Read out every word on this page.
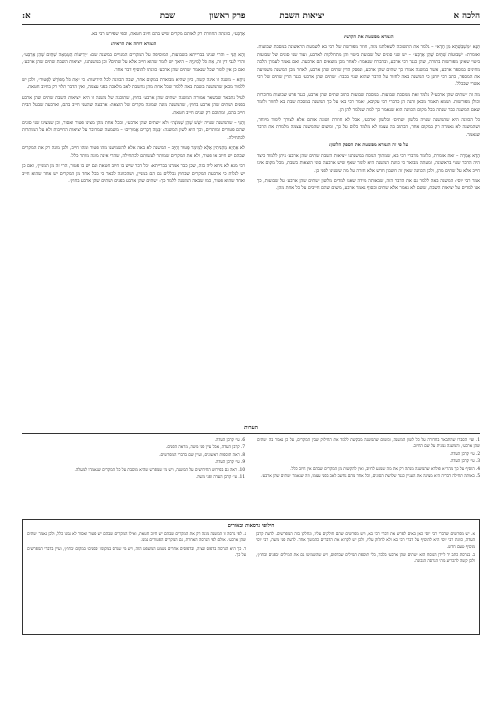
הלכה א
יציאות השבת
פרק ראשון
שבת
א:

הגמרא מפשטת את הקושי:

תַּנָּא ״מְשַׁבְּשְׁתָּא מִן חָדָא״ – גלמד את התשובה לשאלתנו מזה, חוזר מפורשת של רבי בא לשמעת הראשונה במסכת שבועות. ואומרת: ״שְׁבוּעוֹת שְׁתַּיִם שֶׁהֵן אַרְבַּע״ – יש שני סוגים של שבועת ביטוי והן מתחלקות לארבע, ועוד שני סוגים של שבועות ביטוי שאינן מפורשות בתורה, שהן כנגד רבי ארבע, ובהכרח שנאמר: לאחר מכן מוצאים הם ארבעה. ואם נאמר לעמרן הלכה מחינים במספר ארבע, אשר במשנה אמרו כך שתים שהן ארבע, ונפסק הדין שתים שהן ארבע, לאחר מכן המשנה משמיעה את המספר, כתב רבי יוחנן כי המשנה באה לחזור על הדבר שהוא שנוי בכבר: ׳שתים שהן ארבע׳ כנגד הדין שתים של רבי אשרי שבכלל.

מה זה ״שתים שהן ארבע״? נלמד זאת ממסכת שבועות. במסכת שבועות כתוב שתים שהן ארבע, כנגד פרט שבועות מדוברות וכולן מפורשות. ושמא תאמר מכאן והנה הן כדברי רבי עקיבא, ׳אמר רבי בא׳ על כך המשנה במסכת שבת בא לחזור ולומר שאם המשנה כבר שנתה בכל מקום הכוונה הוא שנאמר כך למה שנלמד להן הן.

כל הכוונה היא שהמשנה שנויה בלשון ׳שתים׳ ובלשון ׳ארבע׳, אבל לא חוזרת ושונה אותם אלא לצורך לימוד מיוחד, ושהמשנה לא נאמרה רק במקום אחד, הכתוב בה עצמו לא מלמד כלום על כך, ומשום שהמשנה עצמה מלמדת את הדבר שנאמר.

על פי זה הגמרא מפשטת את הספק הלשון:

הָדָא אָמְרָה – זאת אומרת, כלומר מדברי רבי בא, שמתוך הנוסח במשנתנו ׳יציאות השבת שתים שהן ארבע׳ ניתן ללמוד כיצד היה הדבר שנוי בראשונה, ומעתה מבואר כי כוונת המשנה היא לומר שאף שיש ארבעה סוגי הוצאות בשבת, מכל מקום אינו חייב אלא על שתים מהן, ולכן הכוונה שאין זה חשבון חדש אלא חזרה על מה ששנינו לפני כן.

אמר רבי יוסי: המשנה באה ללמד גם את הדבר הזה, שבאותה מידה שאנו למדים מלשון ׳שתים שהן ארבע׳ על שבועות, כך אנו למדים על יציאות השבת, ששם לא נאמר אלא שתים ובסוף נאמר ארבע, משום שהם חייבים על כל אחת מהן.

אַרְבַּע״, כוונתה החוזרת רק לאותם מקרים שיש בהם חיוב חטאת, וכפי שפירש רבי בא.

הגמרא דוחה את הראיה:

וְהָא תַּנֵּי – והרי שנינו בברייתא בשבועות, המוסיפה על המקרים המנויים במשנה שם: ״יְדִיעוֹת הַטֻּמְאָה שְׁתַּיִם שֶׁהֵן אַרְבַּע״, והרי לגבי דין זה, אֵת כֹּל לָמִינְיָהּ – היאך יש לומר שהוא חייב אלא על שתים? וכן במשנתנו, ׳יציאות השבת שתים שהן ארבע׳, ואם כן אין לומר שכל שנאמר ׳שתים שהן ארבע׳ כוונתו להוסיף דבר אחד.

נִיחָא – משנה זו אינה קשה, כיון שהיא מבוארת במקום אחר, שבה הכוונה לכל הידיעות: כי ״אֵת כֹּל מְפוֹרָשׁ לְפָטוּר״, ולכן יש ללמוד מכאן שהמשנה בשבת באה ללמד שכל אחת מהן נחשבת לאב מלאכה בפני עצמה, ואין הדבר תלוי רק בחיוב חטאת.

לעיל נתבאר שבשאר אמורה המשנה ׳שתים שהן ארבע׳ בחוץ, שתוכנה של משנה זו היא ׳יציאות השבת שתים שהן ארבע בפנים ושתים שהן ארבע בחוץ׳, שהמשנה מונה שמונה מקרים של הוצאה: ארבעה שהעני חייב בהם, וארבעה שבעל הבית חייב בהם, ומתוכם רק שנים חייב חטאת.

וְתַנֵּי – שהמשנה שנויה ״שֵׁשׁ שֶׁהֵן שְׁמוֹנֶה״ ולא ״שתים שהן ארבע״, ובכל אחת מהן מצינו פטור ואסור, וכן שמצינו שני סוגים שהם פטורים ומותרים, וכך היא לשון המשנה: ׳בַּמֶּה דְּבָרִים אֲמוּרִים׳ – משמעה שמדובר על יציאות החייבות ולא על המותרות לכתחילה.

לֹא אַתְיָא מַתְנִיתִין אֶלָּא לְמֵימַר פָּטוּר וְחַיָּב – המשנה לא באה אלא להשמיענו מהו פטור ומהו חייב, ולכן מונה רק את המקרים שבהם יש חיוב או פטור, ולא את המקרים שמותר לעשותם לכתחילה, שהרי אינה מונה מותר כלל.

רבי מנא לא ניחא ליה בזה, שכן כבר אמרנו בברייתא: ׳כל דבר שיש בו חיוב חטאת וגם יש בו פטור, הרי זה מן המניין׳, ואם כן יש לגלות כי ארבעת המקרים שבחוץ נכללים גם הם במניין, ושהכוונה לבאר כי בכל אחד מן המקרים יש אחד שהוא חייב ואחד שהוא פטור, כמו שבאה המשנה ללמד כך: ׳שתים שהן ארבע בפנים ושתים שהן ארבע בחוץ׳.

הערות

1. ועי׳ הסברו שהתבאר בחדורה על כל לשון המשנה, ומשום שהמשנה מבקשת ללמד את החילוק שבין המקרים, על כן נאמר בה ׳שתים שהן ארבע׳, והמשנה נמנית על שם החיוב.

2. עי׳ קרבן העדה.

3. עי׳ קרבן העדה.

4. הוסיף על כך מהר״א פולדא שהמשנה מנתה רק את מה שנוגע לחיוב, ואין להקשות מן המקרים שבהם אין חיוב כלל.

5. באותה תחילה דבריה היא מציגה את העניין כנגד שלושת הסוגים, וכל אחד מהם נחשב לאב בפני עצמו, וזה שנאמר ׳שתים שהן ארבע׳.

6. עי׳ קרבן העדה.

7. קרבן העדה, אבל עיין פני משה, מראה הפנים.

8. ראה תוספות ראשונים, ועיין שם בדברי המפרשים.

9. עי׳ קרבן העדה.

10. ראה גם בפירוש החידושים על המשנה, ויש מי שמפרש שהיא מוסבת על כל המקרים שנאמרו למעלה.

11. עי׳ קרבן העדה ופני משה.

חילופי גרסאות ובאורים

א. יש מפרשים שדברי רבי יוסי כאן באים לפרש את דברי רבי בא, ויש מפרשים שהם חולקים עליו, ונחלקו בזה המפרשים. לדעת קרבן העדה, כוונת רבי יוסי היא להוסיף על דברי רבי בא ולא לחלוק עליו, ולכן יש לקרוא את הדברים כהמשך אחד. לדעת פני משה, רבי יוסי מוסיף טעם חדש.

ב. בגרסת כתב יד ליידן הנוסח הוא ׳שתים שהן ארבע׳ בלבד, בלי תוספת המילים שבדפוס, ויש שהשמיטו גם את המילים ׳בפנים ובחוץ׳, ולכן קשה להכריע מהי הגרסה הנכונה.

ג. לפי גרסה זו המשנה מונה רק את המקרים שבהם יש חיוב חטאת, ואילו המקרים שבהם יש פטור ואסור לא נמנו כלל, ולכן נאמר ׳שתים שהן ארבע׳. אולם לפי הגרסה האחרת, גם המקרים הפטורים נמנו.

ד. כך היא הגרסה בדפוס ונציה, ובדפוסים אחרים נשמט המשפט הזה, ויש מי שגרס במקומו ׳בפנים׳ במקום ׳בחוץ׳, ועיין בדברי המפרשים על כך.
